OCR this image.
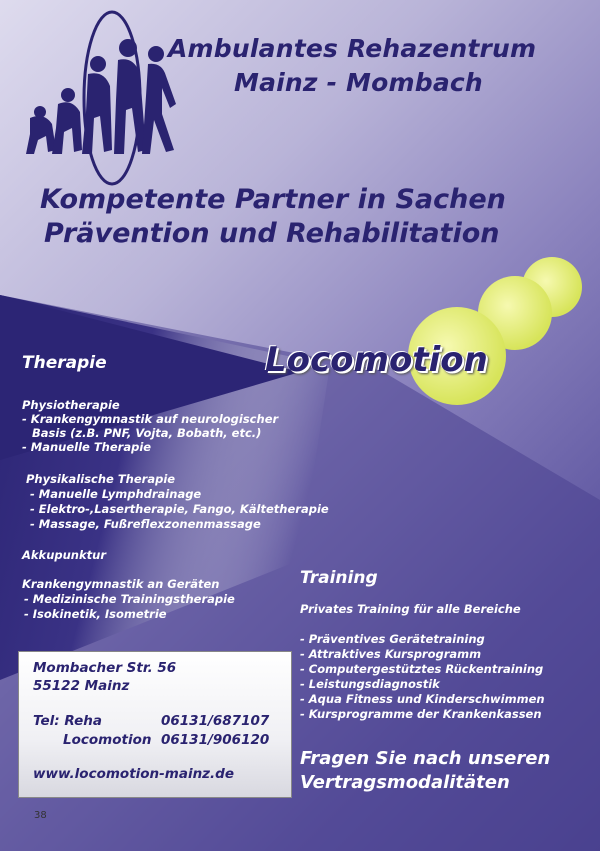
Ambulantes Rehazentrum
Mainz - Mombach
Kompetente Partner in Sachen
Prävention und Rehabilitation
Locomotion
Therapie
Physiotherapie
- Krankengymnastik auf neurologischer
Basis (z.B. PNF, Vojta, Bobath, etc.)
- Manuelle Therapie
Physikalische Therapie
- Manuelle Lymphdrainage
- Elektro-,Lasertherapie, Fango, Kältetherapie
- Massage, Fußreflexzonenmassage
Akkupunktur
Krankengymnastik an Geräten
- Medizinische Trainingstherapie
- Isokinetik, Isometrie
Training
Privates Training für alle Bereiche
- Präventives Gerätetraining
- Attraktives Kursprogramm
- Computergestütztes Rückentraining
- Leistungsdiagnostik
- Aqua Fitness und Kinderschwimmen
- Kursprogramme der Krankenkassen
Fragen Sie nach unseren
Vertragsmodalitäten
Mombacher Str. 56
55122 Mainz
Tel: Reha	06131/687107
Locomotion 06131/906120
www.locomotion-mainz.de
38
